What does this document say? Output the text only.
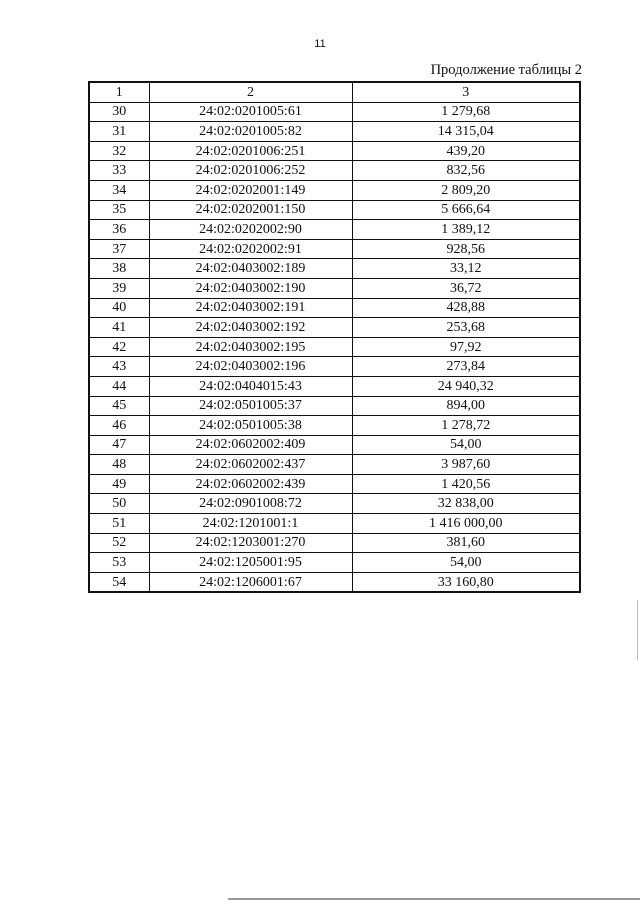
11
Продолжение таблицы 2
1	2	3
30	24:02:0201005:61	1 279,68
31	24:02:0201005:82	14 315,04
32	24:02:0201006:251	439,20
33	24:02:0201006:252	832,56
34	24:02:0202001:149	2 809,20
35	24:02:0202001:150	5 666,64
36	24:02:0202002:90	1 389,12
37	24:02:0202002:91	928,56
38	24:02:0403002:189	33,12
39	24:02:0403002:190	36,72
40	24:02:0403002:191	428,88
41	24:02:0403002:192	253,68
42	24:02:0403002:195	97,92
43	24:02:0403002:196	273,84
44	24:02:0404015:43	24 940,32
45	24:02:0501005:37	894,00
46	24:02:0501005:38	1 278,72
47	24:02:0602002:409	54,00
48	24:02:0602002:437	3 987,60
49	24:02:0602002:439	1 420,56
50	24:02:0901008:72	32 838,00
51	24:02:1201001:1	1 416 000,00
52	24:02:1203001:270	381,60
53	24:02:1205001:95	54,00
54	24:02:1206001:67	33 160,80
